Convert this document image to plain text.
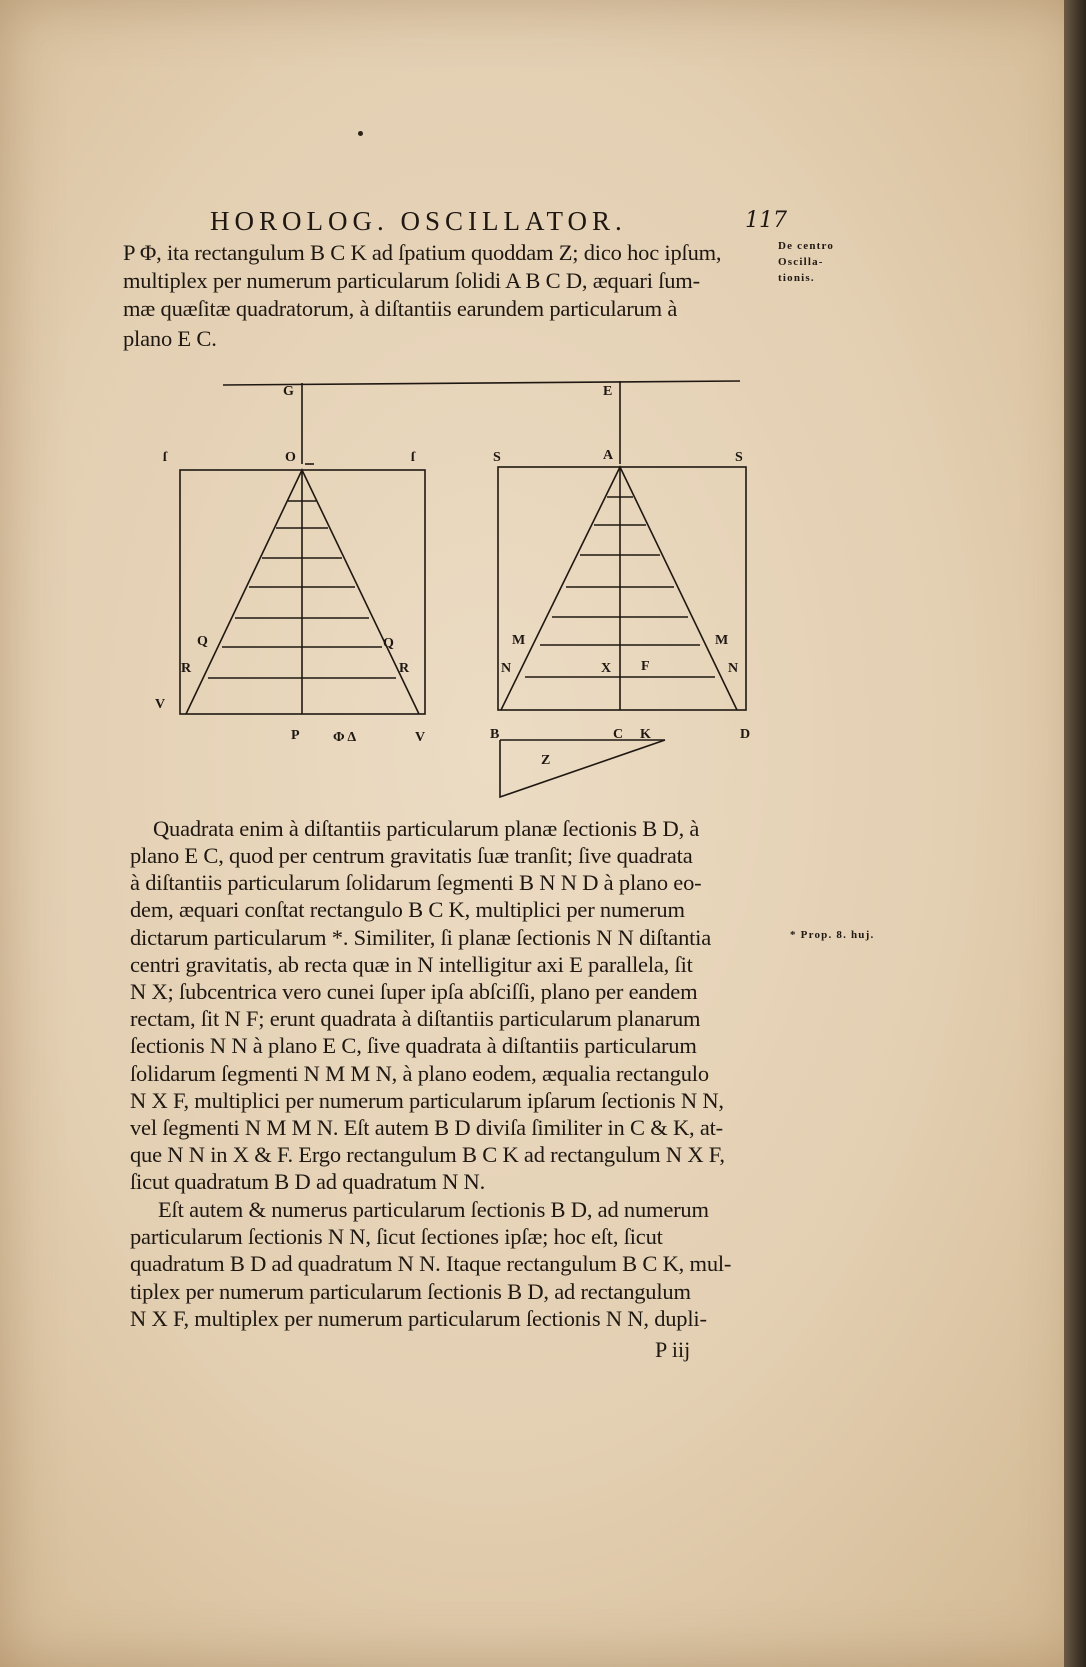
HOROLOG. OSCILLATOR.	117
P Φ, ita rectangulum B C K ad ſpatium quoddam Z; dico hoc ipſum,
multiplex per numerum particularum ſolidi A B C D, æquari ſum-
mæ quæſitæ quadratorum, à diſtantiis earundem particularum à
plano E C.
De centro
Oscilla-
tionis.
G	E
ſ	O	ſ	S	A	S
Q	Q
R	R
V
P Φ Δ	V
M	M
N	X F	N
B	C K	D
Z
Quadrata enim à diſtantiis particularum planæ ſectionis B D, à
plano E C, quod per centrum gravitatis ſuæ tranſit; ſive quadrata
à diſtantiis particularum ſolidarum ſegmenti B N N D à plano eo-
dem, æquari conſtat rectangulo B C K, multiplici per numerum
dictarum particularum *. Similiter, ſi planæ ſectionis N N diſtantia
centri gravitatis, ab recta quæ in N intelligitur axi E parallela, ſit
N X; ſubcentrica vero cunei ſuper ipſa abſciſſi, plano per eandem
rectam, ſit N F; erunt quadrata à diſtantiis particularum planarum
ſectionis N N à plano E C, ſive quadrata à diſtantiis particularum
ſolidarum ſegmenti N M M N, à plano eodem, æqualia rectangulo
N X F, multiplici per numerum particularum ipſarum ſectionis N N,
vel ſegmenti N M M N. Eſt autem B D diviſa ſimiliter in C & K, at-
que N N in X & F. Ergo rectangulum B C K ad rectangulum N X F,
ſicut quadratum B D ad quadratum N N.
Eſt autem & numerus particularum ſectionis B D, ad numerum
particularum ſectionis N N, ſicut ſectiones ipſæ; hoc eſt, ſicut
quadratum B D ad quadratum N N. Itaque rectangulum B C K, mul-
tiplex per numerum particularum ſectionis B D, ad rectangulum
N X F, multiplex per numerum particularum ſectionis N N, dupli-
* Prop. 8. huj.
P iij
